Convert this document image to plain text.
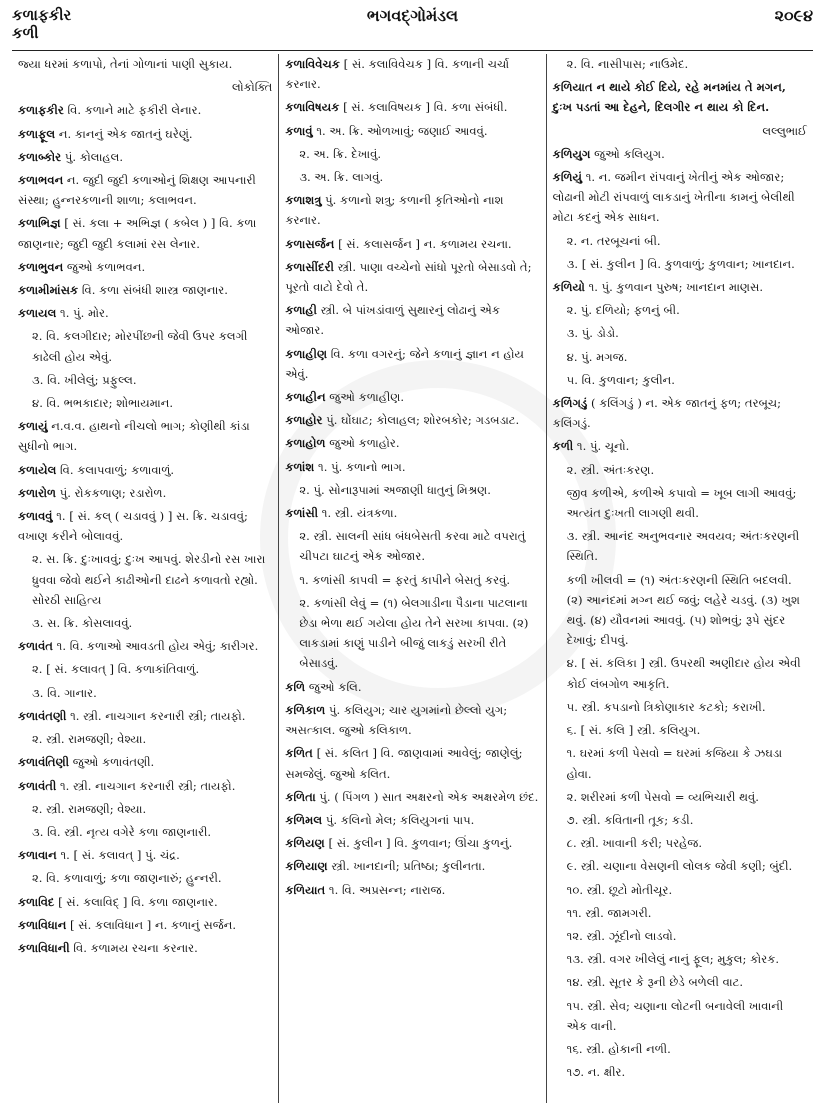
કળાફકીર
કળી
ભગવદ્ગોમંડલ	૨૦૯૪
જ્યા ધરમાં કળાપો, તેનાં ગોળાનાં પાણી સુકાય.
લોકોક્તિ
કળાફકીર વિ. કળાને માટે ફકીરી લેનાર.
કળાફૂલ ન. કાનનું એક જાતનું ઘરેણું.
કળાબ્કોર પું. કોલાહલ.
કળાભવન ન. જુદી જુદી કળાઓનું શિક્ષણ આપનારી સંસ્થા; હુન્નરકળાની શાળા; કલાભવન.
કળાભિજ્ઞ [ સં. કલા + અભિજ્ઞ ( કબેલ ) ] વિ. કળા જાણનાર; જુદી જુદી કલામાં રસ લેનાર.
કળાભુવન જુઓ કળાભવન.
કળામીમાંસક વિ. કળા સંબંધી શાસ્ત્ર જાણનાર.
કળાયલ ૧. પું. મોર.
૨. વિ. કલગીદાર; મોરપીંછની જેવી ઉપર કલગી કાઢેલી હોય એવું.
૩. વિ. ખીલેલું; પ્રફુલ્લ.
૪. વિ. ભભકાદાર; શોભાયમાન.
કળાયું ન.વ.વ. હાથનો નીચલો ભાગ; કોણીથી કાંડા સુધીનો ભાગ.
કળાયેલ વિ. કલાપવાળું; કળાવાળું.
કળારોળ પું. રોકકળાણ; રડારોળ.
કળાવવું ૧. [ સં. કલ્ ( ચડાવવું ) ] સ. ક્રિ. ચડાવવું; વખાણ કરીને બોલાવવું.
૨. સ. ક્રિ. દુઃખાવવું; દુઃખ આપવું. શેરડીનો રસ ખારા ધ્રુવવા જેવો થઈને કાઢીઓની દાઢને કળાવતો રહ્યો. સોરઠી સાહિત્ય
૩. સ. ક્રિ. કોસલાવવું.
કળાવંત ૧. વિ. કળાઓ આવડતી હોય એવું; કારીગર.
૨. [ સં. કલાવત્ ] વિ. કળાકાંતિવાળું.
૩. વિ. ગાનાર.
કળાવંતણી ૧. સ્ત્રી. નાચગાન કરનારી સ્ત્રી; તાયફો.
૨. સ્ત્રી. રામજણી; વેશ્યા.
કળાવંતિણી જુઓ કળાવંતણી.
કળાવંતી ૧. સ્ત્રી. નાચગાન કરનારી સ્ત્રી; તાયફો.
૨. સ્ત્રી. રામજણી; વેશ્યા.
૩. વિ. સ્ત્રી. નૃત્ય વગેરે કળા જાણનારી.
કળાવાન ૧. [ સં. કલાવત્ ] પું. ચંદ્ર.
૨. વિ. કળાવાળું; કળા જાણનારું; હુન્નરી.
કળાવિદ [ સં. કલાવિદ્ ] વિ. કળા જાણનાર.
કળાવિધાન [ સં. કલાવિધાન ] ન. કળાનું સર્જન.
કળાવિધાની વિ. કળામય રચના કરનાર.
કળાવિવેચક [ સં. કલાવિવેચક ] વિ. કળાની ચર્ચા કરનાર.
કળાવિષયક [ સં. કલાવિષયક ] વિ. કળા સંબંધી.
કળાવું ૧. અ. ક્રિ. ઓળખાવું; જણાઈ આવવું.
૨. અ. ક્રિ. દેખાવું.
૩. અ. ક્રિ. લાગવું.
કળાશત્રુ પું. કળાનો શત્રુ; કળાની કૃતિઓનો નાશ કરનાર.
કળાસર્જન [ સં. કલાસર્જન ] ન. કળામય રચના.
કળાસીંદરી સ્ત્રી. પાણા વચ્ચેનો સાંધો પૂરતો બેસાડવો તે; પૂરતો વાટો દેવો તે.
કળાહી સ્ત્રી. બે પાંખડાંવાળું સુથારનું લોઢાનું એક ઓજાર.
કળાહીણ વિ. કળા વગરનું; જેને કળાનું જ્ઞાન ન હોય એવું.
કળાહીન જુઓ કળાહીણ.
કળાહોર પું. ઘોંઘાટ; કોલાહલ; શોરબકોર; ગડબડાટ.
કળાહોળ જુઓ કળાહોર.
કળાંશ ૧. પું. કળાનો ભાગ.
૨. પું. સોનારૂપામાં અજાણી ધાતુનું મિશ્રણ.
કળાંસી ૧. સ્ત્રી. યંત્રકળા.
૨. સ્ત્રી. સાલની સાંધ બંધબેસતી કરવા માટે વપરાતું ચીપટા ઘાટનું એક ઓજાર.
૧. કળાંસી કાપવી = ફરતું કાપીને બેસતું કરવું.
૨. કળાંસી લેવું = (૧) બેલગાડીના પૈડાના પાટલાના છેડા ભેળા થઈ ગયેલા હોય તેને સરખા કાપવા. (૨) લાકડામાં કાણું પાડીને બીજું લાકડું સરખી રીતે બેસાડવું.
કળિ જુઓ કલિ.
કળિકાળ પું. કલિયુગ; ચાર યુગમાંનો છેલ્લો યુગ; અસત્કાલ. જુઓ કલિકાળ.
કળિત [ સં. કલિત ] વિ. જાણવામાં આવેલું; જાણેલું; સમજેલું. જુઓ કલિત.
કળિતા પું. ( પિંગળ ) સાત અક્ષરનો એક અક્ષરમેળ છંદ.
કળિમલ પું. કલિનો મેલ; કલિયુગનાં પાપ.
કળિયણ [ સં. કુલીન ] વિ. કુળવાન; ઊંચા કુળનું.
કળિયાણ સ્ત્રી. ખાનદાની; પ્રતિષ્ઠા; કુલીનતા.
કળિયાત ૧. વિ. અપ્રસન્ન; નારાજ.
૨. વિ. નાસીપાસ; નાઉમેદ.
કળિયાત ન થાયે કોઈ દિયે, રહે મનમાંય તે મગન, દુઃખ પડતાં આ દેહને, દિલગીર ન થાય કો દિન.
લલ્લુભાઈ
કળિયુગ જુઓ કલિયુગ.
કળિયું ૧. ન. જમીન રાંપવાનું ખેતીનું એક ઓજાર; લોઢાની મોટી રાંપવાળું લાકડાનું ખેતીના કામનું બેલીથી મોટા કદનું એક સાધન.
૨. ન. તરબૂચનાં બી.
૩. [ સં. કુલીન ] વિ. કુળવાળું; કુળવાન; ખાનદાન.
કળિયો ૧. પું. કુળવાન પુરુષ; ખાનદાન માણસ.
૨. પું. દળિયો; ફળનું બી.
૩. પું. ડોડો.
૪. પું. મગજ.
૫. વિ. કુળવાન; કુલીન.
કળિંગડું ( કલિંગડું ) ન. એક જાતનું ફળ; તરબૂચ; કલિંગડું.
કળી ૧. પું. ચૂનો.
૨. સ્ત્રી. અંતઃકરણ.
જીવ કળીએ, કળીએ કપાવો = ખૂબ લાગી આવવું; અત્યંત દુઃખતી લાગણી થવી.
૩. સ્ત્રી. આનંદ અનુભવનાર અવયવ; અંતઃકરણની સ્થિતિ.
કળી ખીલવી = (૧) અંતઃકરણની સ્થિતિ બદલવી. (૨) આનંદમાં મગ્ન થઈ જવું; લહેરે ચડવું. (૩) ખુશ થવું. (૪) યૌવનમાં આવવું. (૫) શોભવું; રૂપે સુંદર દેખાવું; દીપવું.
૪. [ સં. કલિકા ] સ્ત્રી. ઉપરથી અણીદાર હોય એવી કોઈ લંબગોળ આકૃતિ.
૫. સ્ત્રી. કપડાનો ત્રિકોણાકાર કટકો; કરાખી.
૬. [ સં. કલિ ] સ્ત્રી. કલિયુગ.
૧. ઘરમાં કળી પેસવો = ઘરમાં કજિયા કે ઝઘડા હોવા.
૨. શરીરમાં કળી પેસવો = વ્યભિચારી થવું.
૭. સ્ત્રી. કવિતાની તૂક; કડી.
૮. સ્ત્રી. ખાવાની કરી; પરહેજ.
૯. સ્ત્રી. ચણાના વેસણની લોલક જેવી કણી; બુંદી.
૧૦. સ્ત્રી. છૂટો મોતીચૂર.
૧૧. સ્ત્રી. જામગરી.
૧૨. સ્ત્રી. ઝૂંદીનો લાડવો.
૧૩. સ્ત્રી. વગર ખીલેલું નાનું ફૂલ; મુકુલ; કોરક.
૧૪. સ્ત્રી. સૂતર કે રૂની છેડે બળેલી વાટ.
૧૫. સ્ત્રી. સેવ; ચણાના લોટની બનાવેલી ખાવાની એક વાની.
૧૬. સ્ત્રી. હોકાની નળી.
૧૭. ન. ક્ષીર.
